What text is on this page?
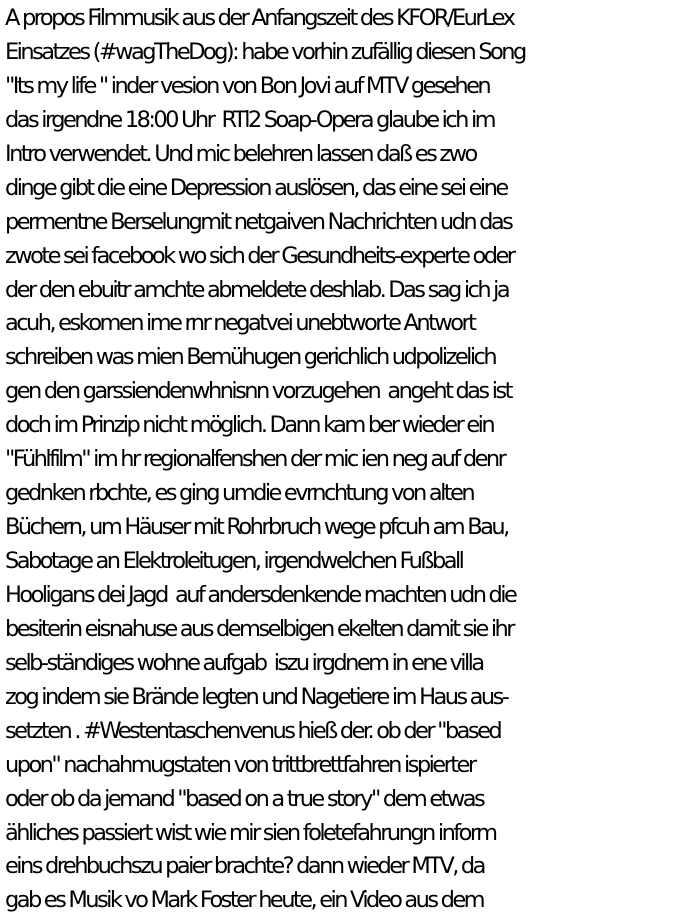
A propos Filmmusik aus der Anfangszeit des KFOR/EurLex
Einsatzes (#wagTheDog): habe vorhin zufällig diesen Song
"Its my life " inder vesion von Bon Jovi auf MTV gesehen
das irgendne 18:00 Uhr  RTl2 Soap-Opera glaube ich im
Intro verwendet. Und mic belehren lassen daß es zwo
dinge gibt die eine Depression auslösen, das eine sei eine
permentne Berselungmit netgaiven Nachrichten udn das
zwote sei facebook wo sich der Gesundheits-experte oder
der den ebuitr amchte abmeldete deshlab. Das sag ich ja
acuh, eskomen ime rnr negatvei unebtworte Antwort
schreiben was mien Bemühugen gerichlich udpolizelich
gen den garssiendenwhnisnn vorzugehen  angeht das ist
doch im Prinzip nicht möglich. Dann kam ber wieder ein
"Fühlfilm" im hr regionalfenshen der mic ien neg auf denr
gednken rbchte, es ging umdie evrnchtung von alten
Büchern, um Häuser mit Rohrbruch wege pfcuh am Bau,
Sabotage an Elektroleitugen, irgendwelchen Fußball
Hooligans dei Jagd  auf andersdenkende machten udn die
besiterin eisnahuse aus demselbigen ekelten damit sie ihr
selb-ständiges wohne aufgab  iszu irgdnem in ene villa
zog indem sie Brände legten und Nagetiere im Haus aus-
setzten . #Westentaschenvenus hieß der. ob der "based
upon" nachahmugstaten von trittbrettfahren ispierter
oder ob da jemand "based on a true story" dem etwas
ähliches passiert wist wie mir sien foletefahrungn inform
eins drehbuchszu paier brachte? dann wieder MTV, da
gab es Musik vo Mark Foster heute, ein Video aus dem
